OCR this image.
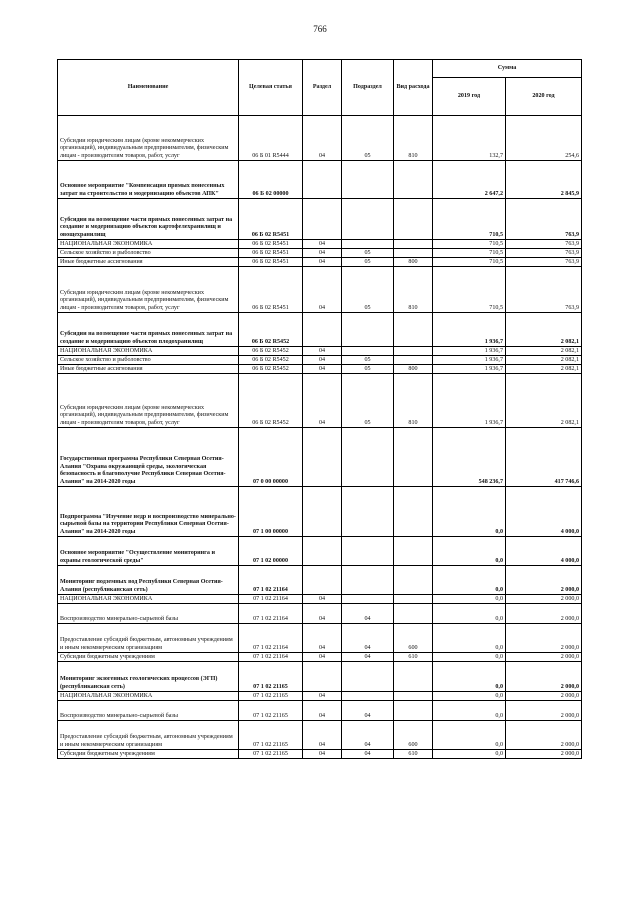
766
Наименование	Целевая статья	Раздел	Подраздел	Вид расхода	Сумма	
					2019 год	2020 год
Субсидии юридическим лицам (кроме некоммерческих организаций), индивидуальным предпринимателям, физическим лицам - производителям товаров, работ, услуг	06 Б 01 R5444	04	05	810	132,7	254,6
Основное мероприятие "Компенсация прямых понесенных затрат на строительство и модернизацию объектов АПК"	06 Б 02 00000				2 647,2	2 845,9
Субсидии на возмещение части прямых понесенных затрат на создание и модернизацию объектов картофелехранилищ и овощехранилищ	06 Б 02 R5451				710,5	763,9
НАЦИОНАЛЬНАЯ ЭКОНОМИКА	06 Б 02 R5451	04			710,5	763,9
Сельское хозяйство и рыболовство	06 Б 02 R5451	04	05		710,5	763,9
Иные бюджетные ассигнования	06 Б 02 R5451	04	05	800	710,5	763,9
Субсидии юридическим лицам (кроме некоммерческих организаций), индивидуальным предпринимателям, физическим лицам - производителям товаров, работ, услуг	06 Б 02 R5451	04	05	810	710,5	763,9
Субсидии на возмещение части прямых понесенных затрат на создание и модернизацию объектов плодохранилищ	06 Б 02 R5452				1 936,7	2 082,1
НАЦИОНАЛЬНАЯ ЭКОНОМИКА	06 Б 02 R5452	04			1 936,7	2 082,1
Сельское хозяйство и рыболовство	06 Б 02 R5452	04	05		1 936,7	2 082,1
Иные бюджетные ассигнования	06 Б 02 R5452	04	05	800	1 936,7	2 082,1
Субсидии юридическим лицам (кроме некоммерческих организаций), индивидуальным предпринимателям, физическим лицам - производителям товаров, работ, услуг	06 Б 02 R5452	04	05	810	1 936,7	2 082,1
Государственная программа Республики Северная Осетия-Алания "Охрана окружающей среды, экологическая безопасность и благополучие Республики Северная Осетия-Алания" на 2014-2020 годы	07 0 00 00000				548 236,7	417 746,6
Подпрограмма "Изучение недр и воспроизводство минерально-сырьевой базы на территории Республики Северная Осетия-Алания" на 2014-2020 годы	07 1 00 00000				0,0	4 000,0
Основное мероприятие "Осуществление мониторинга и охраны геологической среды"	07 1 02 00000				0,0	4 000,0
Мониторинг подземных вод Республики Северная Осетия-Алания (республиканская сеть)	07 1 02 21164				0,0	2 000,0
НАЦИОНАЛЬНАЯ ЭКОНОМИКА	07 1 02 21164	04			0,0	2 000,0
Воспроизводство минерально-сырьевой базы	07 1 02 21164	04	04		0,0	2 000,0
Предоставление субсидий бюджетным, автономным учреждениям и иным некоммерческим организациям	07 1 02 21164	04	04	600	0,0	2 000,0
Субсидии бюджетным учреждениям	07 1 02 21164	04	04	610	0,0	2 000,0
Мониторинг экзогенных геологических процессов (ЭГП) (республиканская сеть)	07 1 02 21165				0,0	2 000,0
НАЦИОНАЛЬНАЯ ЭКОНОМИКА	07 1 02 21165	04			0,0	2 000,0
Воспроизводство минерально-сырьевой базы	07 1 02 21165	04	04		0,0	2 000,0
Предоставление субсидий бюджетным, автономным учреждениям и иным некоммерческим организациям	07 1 02 21165	04	04	600	0,0	2 000,0
Субсидии бюджетным учреждениям	07 1 02 21165	04	04	610	0,0	2 000,0
